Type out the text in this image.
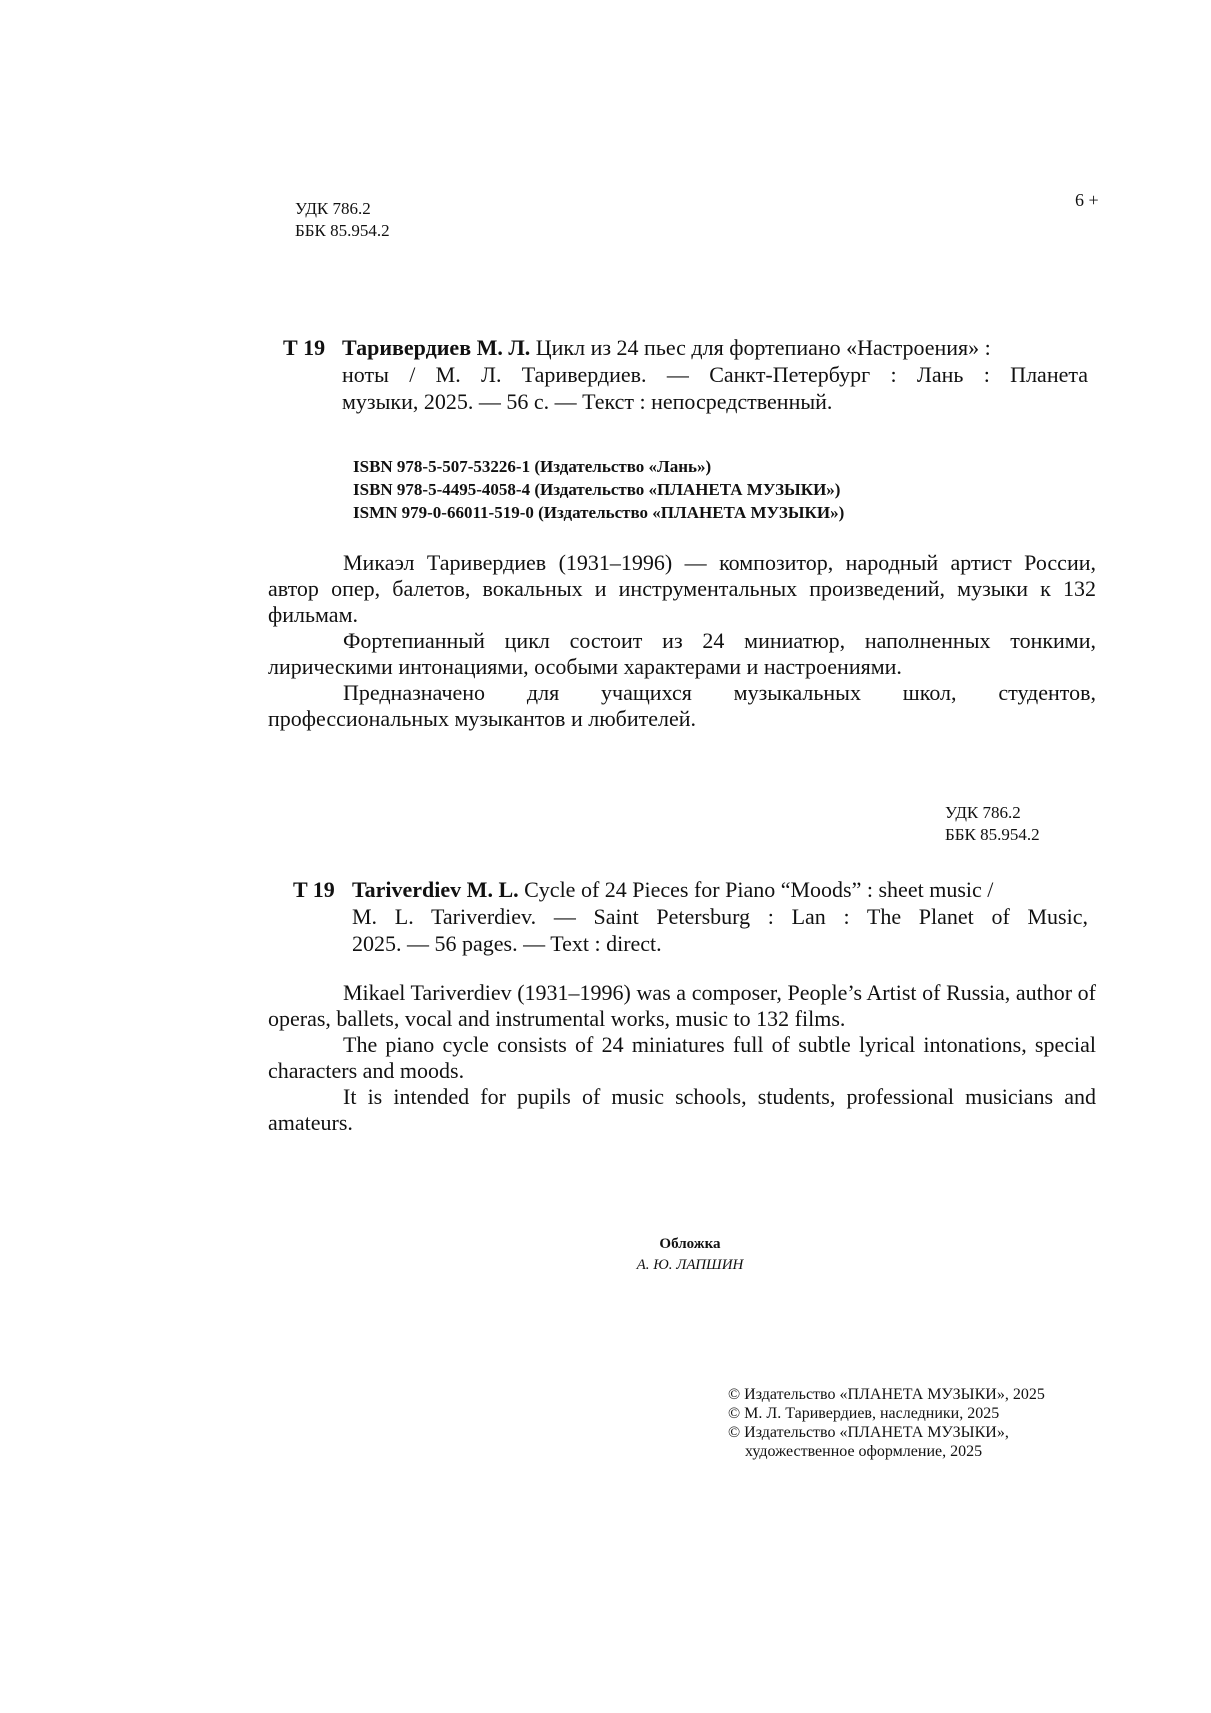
УДК 786.2
ББК 85.954.2
6 +
Т 19 Таривердиев М. Л. Цикл из 24 пьес для фортепиано «Настроения» :
ноты / М. Л. Таривердиев. — Санкт-Петербург : Лань : Планета
музыки, 2025. — 56 с. — Текст : непосредственный.
ISBN 978-5-507-53226-1 (Издательство «Лань»)
ISBN 978-5-4495-4058-4 (Издательство «ПЛАНЕТА МУЗЫКИ»)
ISMN 979-0-66011-519-0 (Издательство «ПЛАНЕТА МУЗЫКИ»)

Микаэл Таривердиев (1931–1996) — композитор, народный артист России, автор опер, балетов, вокальных и инструментальных произведений, музыки к 132 фильмам.

Фортепианный цикл состоит из 24 миниатюр, наполненных тонкими, лирическими интонациями, особыми характерами и настроениями.

Предназначено для учащихся музыкальных школ, студентов, профессиональных музыкантов и любителей.

УДК 786.2
ББК 85.954.2
T 19 Tariverdiev M. L. Cycle of 24 Pieces for Piano “Moods” : sheet music /
M. L. Tariverdiev. — Saint Petersburg : Lan : The Planet of Music,
2025. — 56 pages. — Text : direct.

Mikael Tariverdiev (1931–1996) was a composer, People’s Artist of Russia, author of operas, ballets, vocal and instrumental works, music to 132 films.

The piano cycle consists of 24 miniatures full of subtle lyrical intonations, special characters and moods.

It is intended for pupils of music schools, students, professional musicians and amateurs.

Обложка
А. Ю. ЛАПШИН
© Издательство «ПЛАНЕТА МУЗЫКИ», 2025
© М. Л. Таривердиев, наследники, 2025
© Издательство «ПЛАНЕТА МУЗЫКИ»,
художественное оформление, 2025
